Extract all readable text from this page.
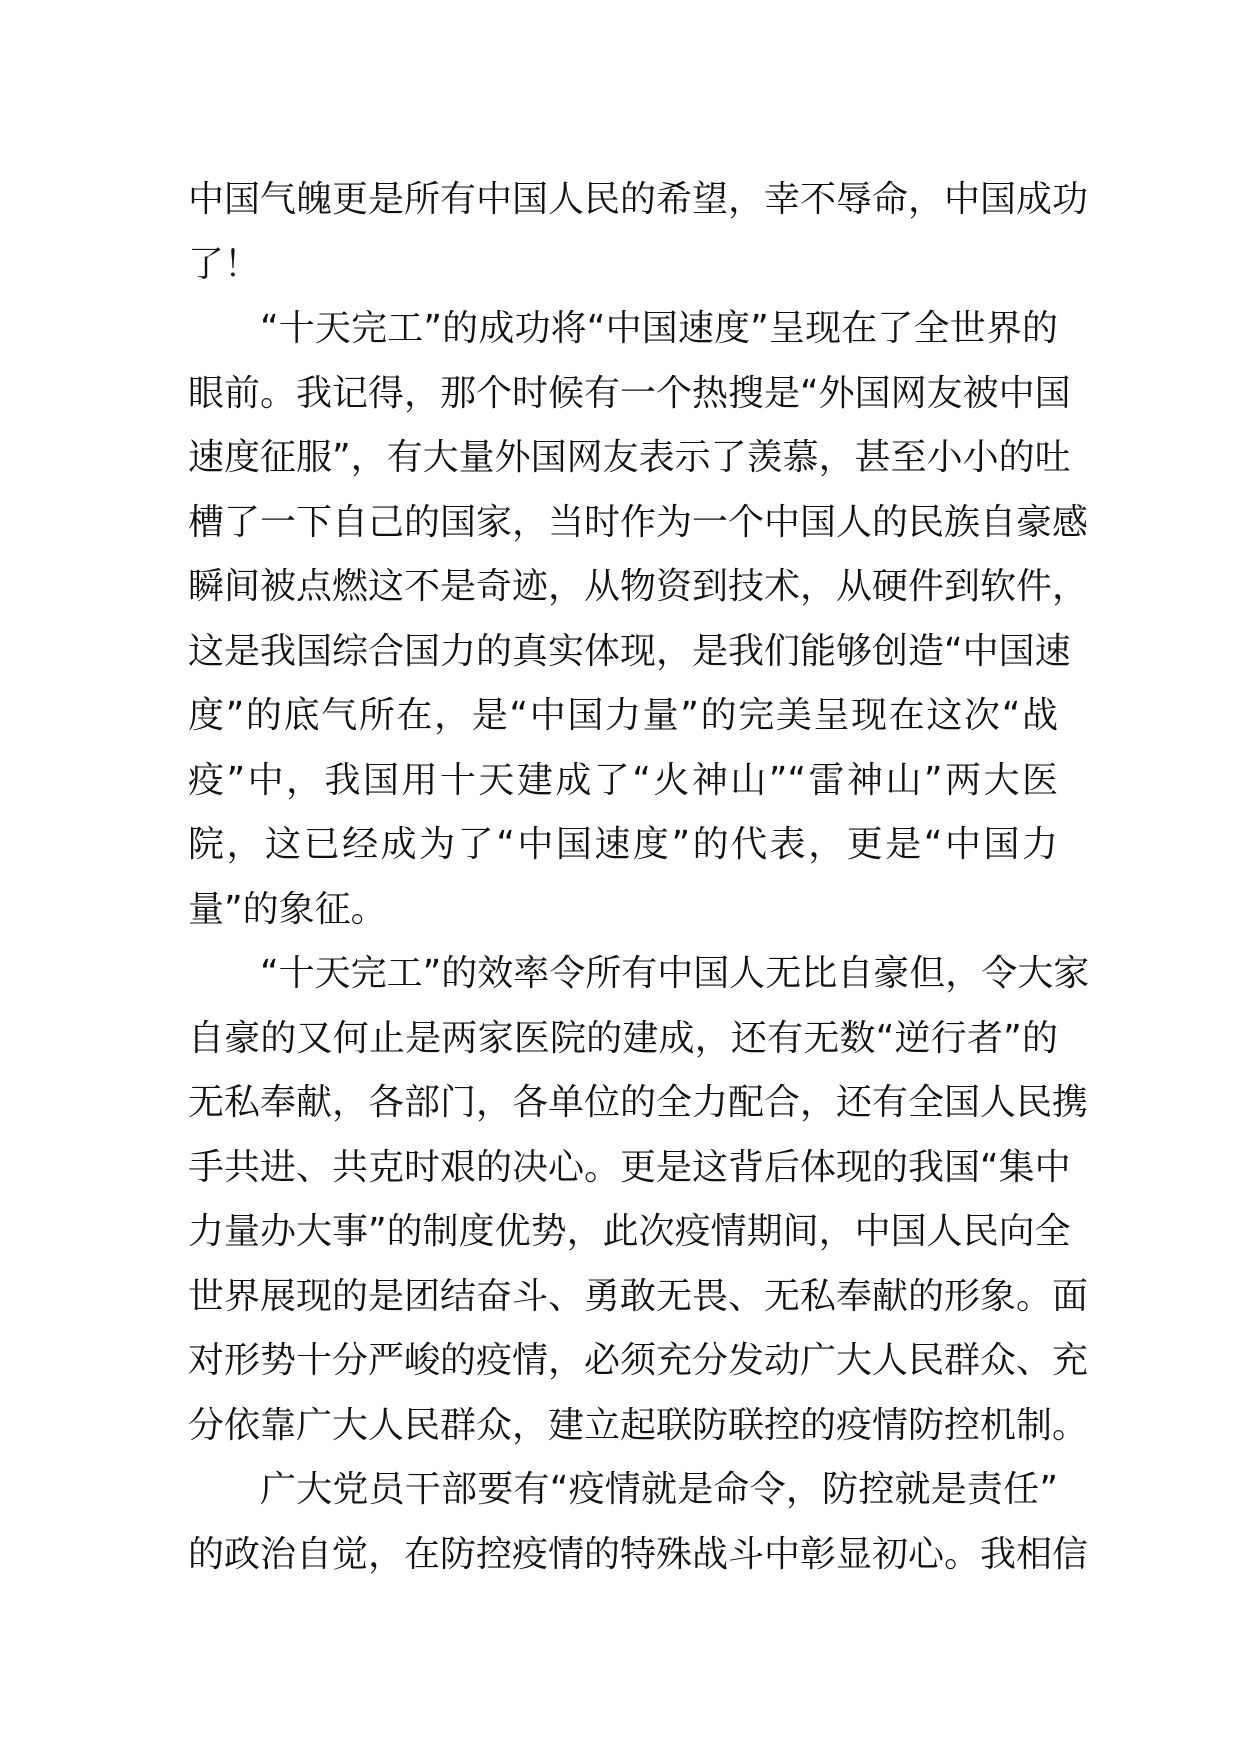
中国气魄更是所有中国人民的希望，幸不辱命，中国成功
了！
“十天完工”的成功将“中国速度”呈现在了全世界的
眼前。我记得，那个时候有一个热搜是“外国网友被中国
速度征服”，有大量外国网友表示了羡慕，甚至小小的吐
槽了一下自己的国家，当时作为一个中国人的民族自豪感
瞬间被点燃这不是奇迹，从物资到技术，从硬件到软件，
这是我国综合国力的真实体现，是我们能够创造“中国速
度”的底气所在，是“中国力量”的完美呈现在这次“战
疫”中，我国用十天建成了“火神山”“雷神山”两大医
院，这已经成为了“中国速度”的代表，更是“中国力
量”的象征。
“十天完工”的效率令所有中国人无比自豪但，令大家
自豪的又何止是两家医院的建成，还有无数“逆行者”的
无私奉献，各部门，各单位的全力配合，还有全国人民携
手共进、共克时艰的决心。更是这背后体现的我国“集中
力量办大事”的制度优势，此次疫情期间，中国人民向全
世界展现的是团结奋斗、勇敢无畏、无私奉献的形象。面
对形势十分严峻的疫情，必须充分发动广大人民群众、充
分依靠广大人民群众，建立起联防联控的疫情防控机制。
广大党员干部要有“疫情就是命令，防控就是责任”
的政治自觉，在防控疫情的特殊战斗中彰显初心。我相信
